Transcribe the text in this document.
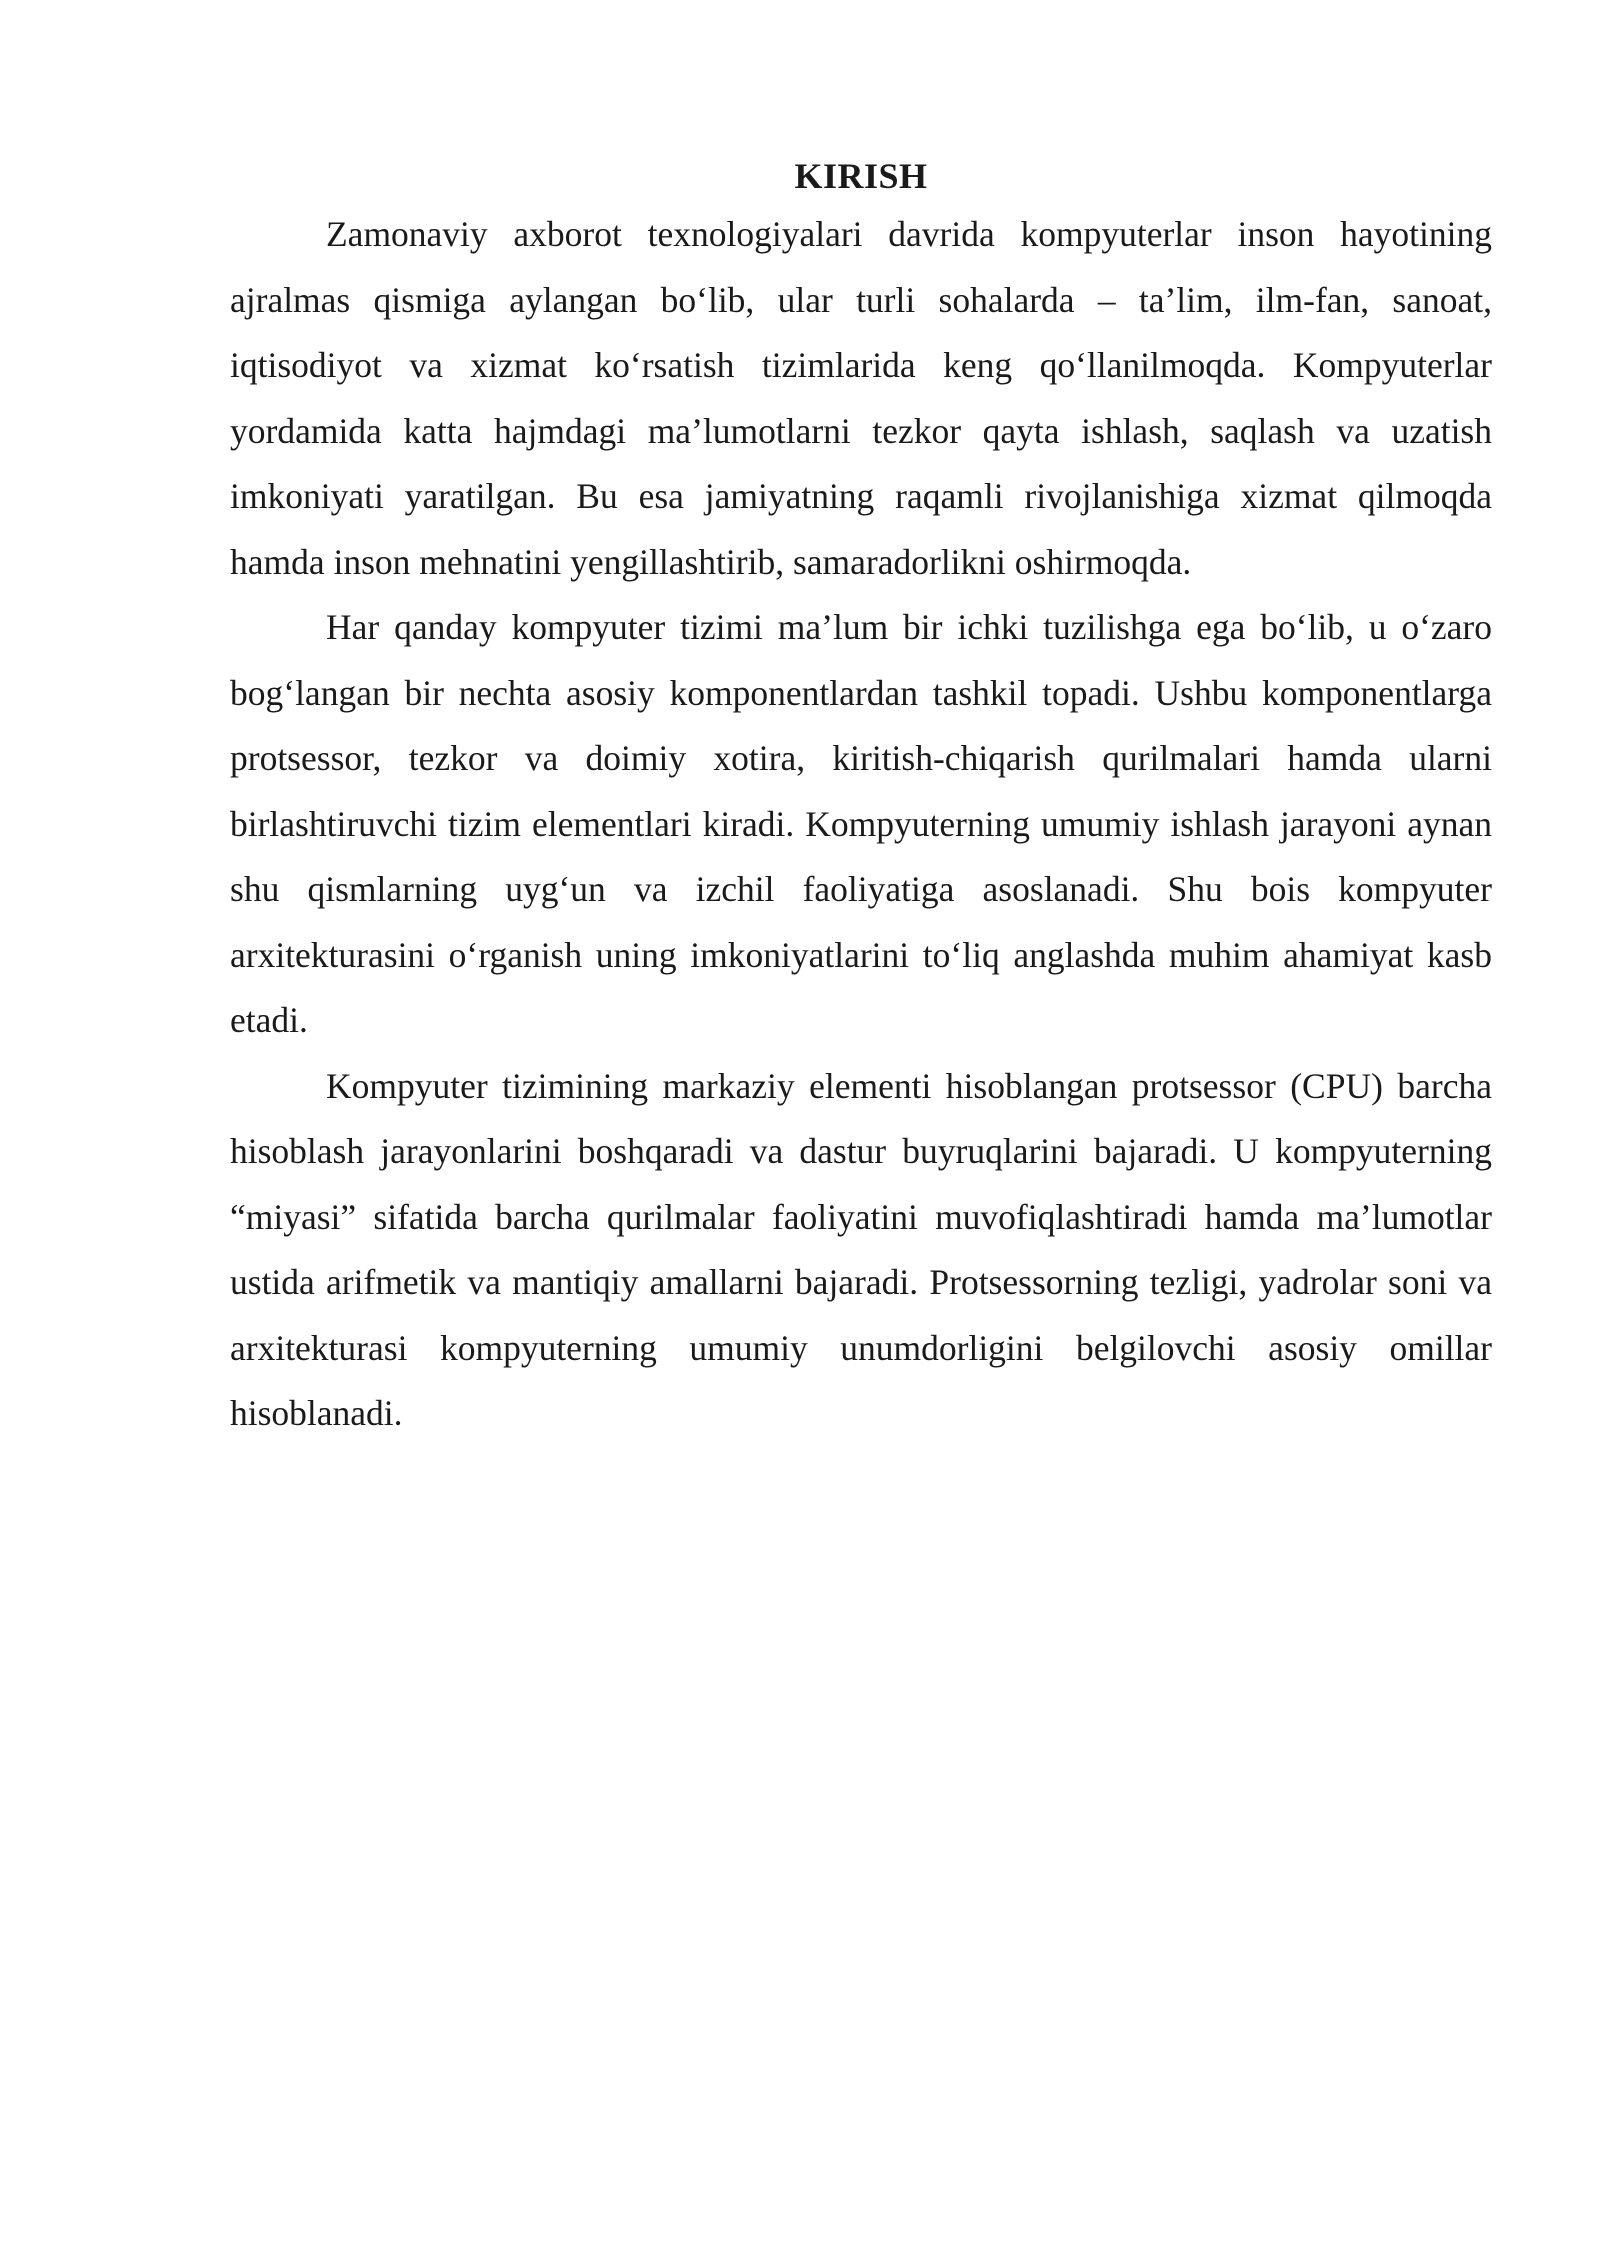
KIRISH

Zamonaviy axborot texnologiyalari davrida kompyuterlar inson hayotining ajralmas qismiga aylangan bo‘lib, ular turli sohalarda – ta’lim, ilm-fan, sanoat, iqtisodiyot va xizmat ko‘rsatish tizimlarida keng qo‘llanilmoqda. Kompyuterlar yordamida katta hajmdagi ma’lumotlarni tezkor qayta ishlash, saqlash va uzatish imkoniyati yaratilgan. Bu esa jamiyatning raqamli rivojlanishiga xizmat qilmoqda hamda inson mehnatini yengillashtirib, samaradorlikni oshirmoqda.

Har qanday kompyuter tizimi ma’lum bir ichki tuzilishga ega bo‘lib, u o‘zaro bog‘langan bir nechta asosiy komponentlardan tashkil topadi. Ushbu komponentlarga protsessor, tezkor va doimiy xotira, kiritish-chiqarish qurilmalari hamda ularni birlashtiruvchi tizim elementlari kiradi. Kompyuterning umumiy ishlash jarayoni aynan shu qismlarning uyg‘un va izchil faoliyatiga asoslanadi. Shu bois kompyuter arxitekturasini o‘rganish uning imkoniyatlarini to‘liq anglashda muhim ahamiyat kasb etadi.

Kompyuter tizimining markaziy elementi hisoblangan protsessor (CPU) barcha hisoblash jarayonlarini boshqaradi va dastur buyruqlarini bajaradi. U kompyuterning “miyasi” sifatida barcha qurilmalar faoliyatini muvofiqlashtiradi hamda ma’lumotlar ustida arifmetik va mantiqiy amallarni bajaradi. Protsessorning tezligi, yadrolar soni va arxitekturasi kompyuterning umumiy unumdorligini belgilovchi asosiy omillar hisoblanadi.
